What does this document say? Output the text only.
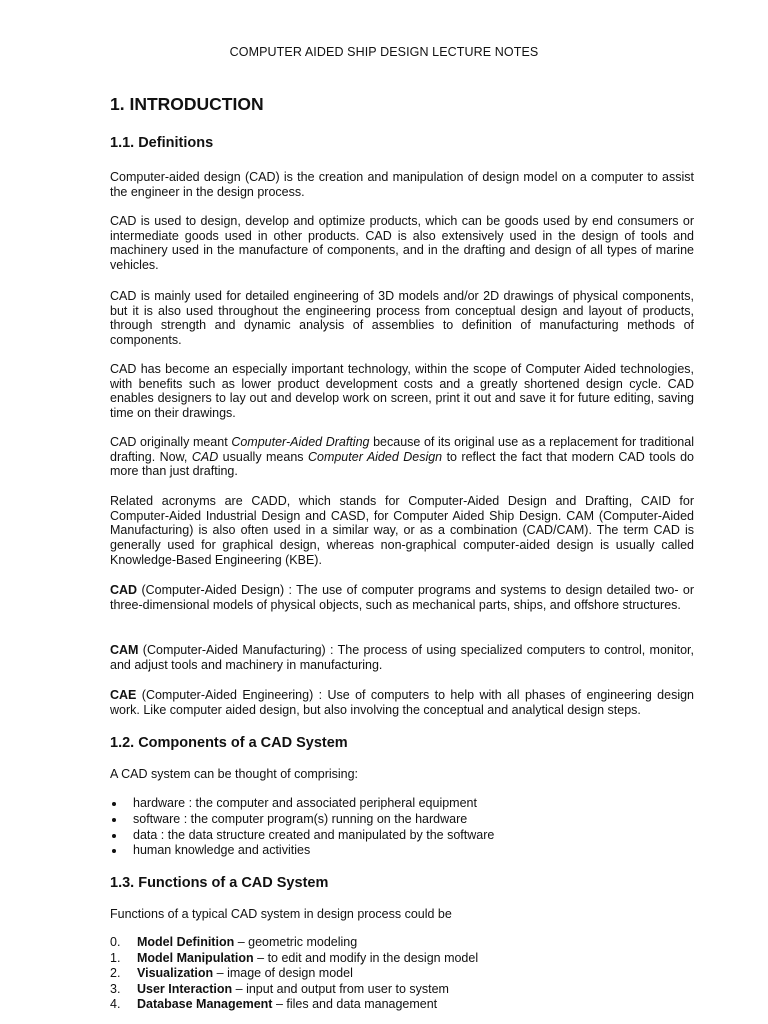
COMPUTER AIDED SHIP DESIGN LECTURE NOTES
1. INTRODUCTION
1.1. Definitions

Computer-aided design (CAD) is the creation and manipulation of design model on a computer to assist the engineer in the design process.

CAD is used to design, develop and optimize products, which can be goods used by end consumers or intermediate goods used in other products. CAD is also extensively used in the design of tools and machinery used in the manufacture of components, and in the drafting and design of all types of marine vehicles.

CAD is mainly used for detailed engineering of 3D models and/or 2D drawings of physical components, but it is also used throughout the engineering process from conceptual design and layout of products, through strength and dynamic analysis of assemblies to definition of manufacturing methods of components.

CAD has become an especially important technology, within the scope of Computer Aided technologies, with benefits such as lower product development costs and a greatly shortened design cycle. CAD enables designers to lay out and develop work on screen, print it out and save it for future editing, saving time on their drawings.

CAD originally meant Computer-Aided Drafting because of its original use as a replacement for traditional drafting. Now, CAD usually means Computer Aided Design to reflect the fact that modern CAD tools do more than just drafting.

Related acronyms are CADD, which stands for Computer-Aided Design and Drafting, CAID for Computer-Aided Industrial Design and CASD, for Computer Aided Ship Design. CAM (Computer-Aided Manufacturing) is also often used in a similar way, or as a combination (CAD/CAM). The term CAD is generally used for graphical design, whereas non-graphical computer-aided design is usually called Knowledge-Based Engineering (KBE).

CAD (Computer-Aided Design) : The use of computer programs and systems to design detailed two- or three-dimensional models of physical objects, such as mechanical parts, ships, and offshore structures.

CAM (Computer-Aided Manufacturing) : The process of using specialized computers to control, monitor, and adjust tools and machinery in manufacturing.

CAE (Computer-Aided Engineering) : Use of computers to help with all phases of engineering design work. Like computer aided design, but also involving the conceptual and analytical design steps.

1.2. Components of a CAD System

A CAD system can be thought of comprising:

hardware : the computer and associated peripheral equipment
software : the computer program(s) running on the hardware
data : the data structure created and manipulated by the software
human knowledge and activities
1.3. Functions of a CAD System

Functions of a typical CAD system in design process could be

0. Model Definition – geometric modeling
1. Model Manipulation – to edit and modify in the design model
2. Visualization – image of design model
3. User Interaction – input and output from user to system
4. Database Management – files and data management
